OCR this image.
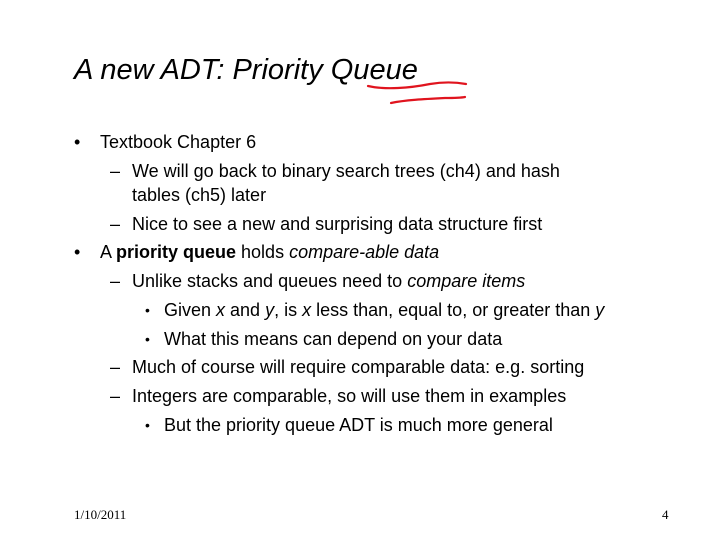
A new ADT: Priority Queue
• Textbook Chapter 6
– We will go back to binary search trees (ch4) and hash
tables (ch5) later
– Nice to see a new and surprising data structure first
• A priority queue holds compare-able data
– Unlike stacks and queues need to compare items
• Given x and y, is x less than, equal to, or greater than y
• What this means can depend on your data
– Much of course will require comparable data: e.g. sorting
– Integers are comparable, so will use them in examples
• But the priority queue ADT is much more general
1/10/2011	4
